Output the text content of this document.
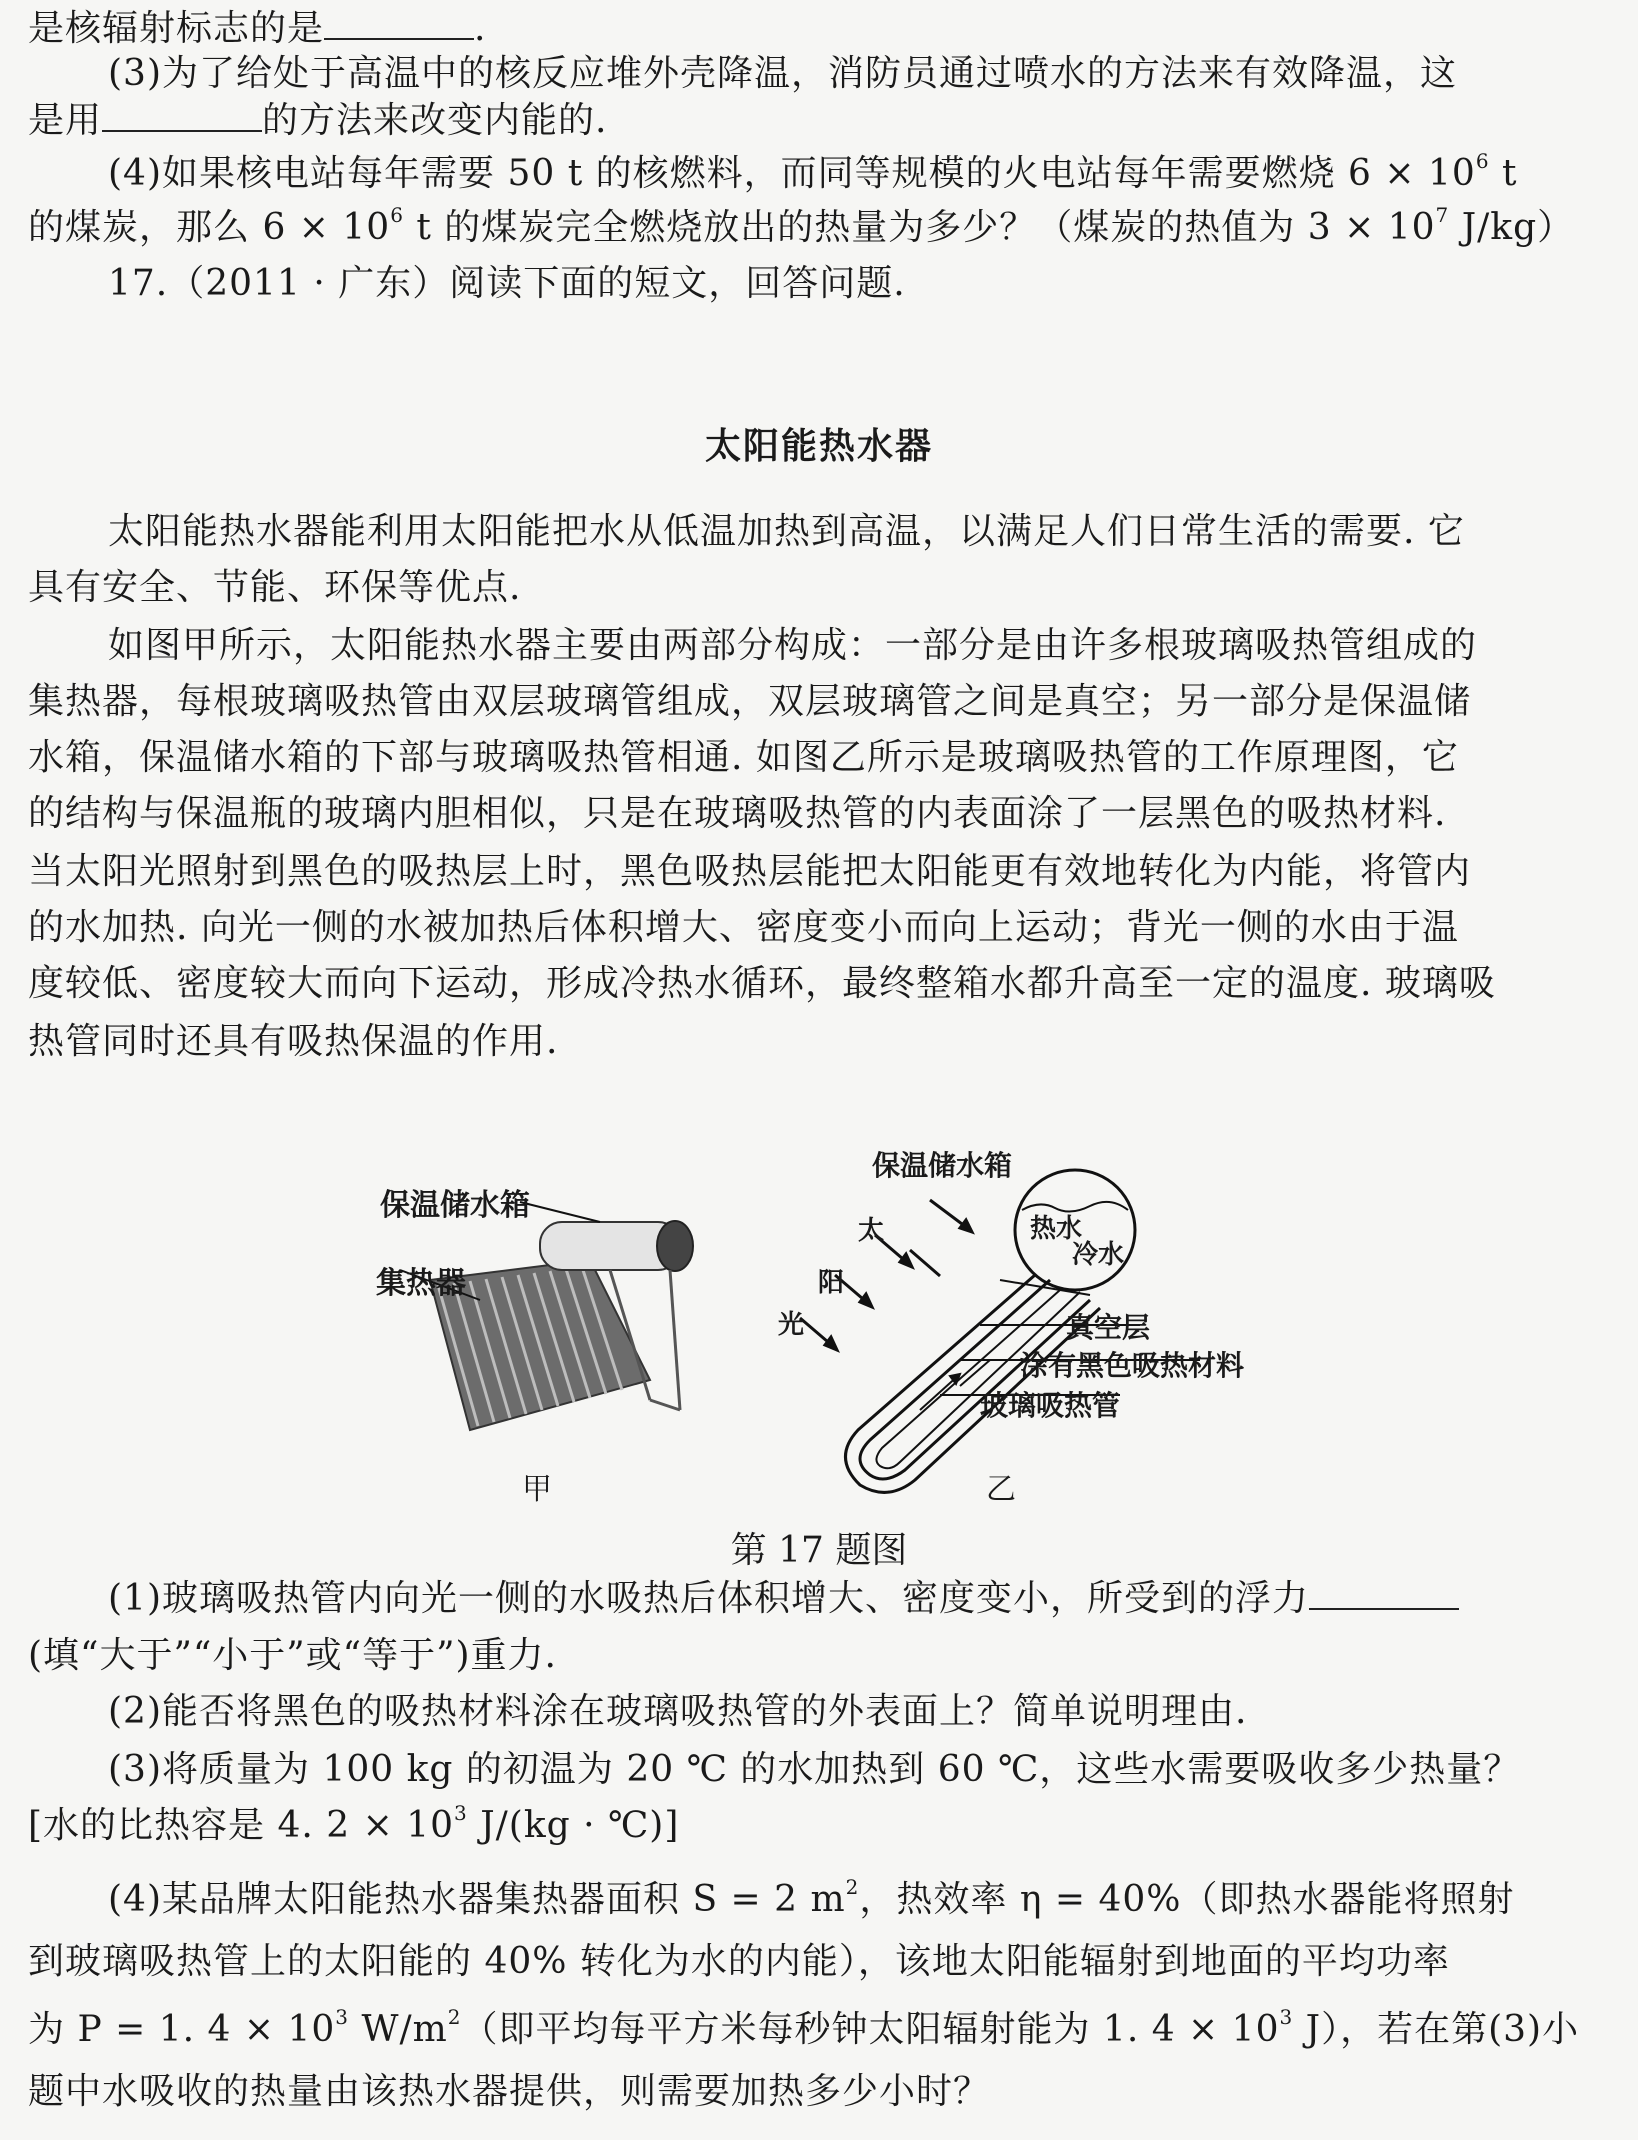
是核辐射标志的是	.
(3)为了给处于高温中的核反应堆外壳降温，消防员通过喷水的方法来有效降温，这
是用	的方法来改变内能的.
(4)如果核电站每年需要 50 t 的核燃料，而同等规模的火电站每年需要燃烧 $6 \times 10^6$ t
的煤炭，那么 $6 \times 10^6$ t 的煤炭完全燃烧放出的热量为多少？（煤炭的热值为 $3 \times 10^7$ J/kg）
17.（2011 · 广东）阅读下面的短文，回答问题.
太阳能热水器
太阳能热水器能利用太阳能把水从低温加热到高温，以满足人们日常生活的需要. 它
具有安全、节能、环保等优点.
如图甲所示，太阳能热水器主要由两部分构成：一部分是由许多根玻璃吸热管组成的
集热器，每根玻璃吸热管由双层玻璃管组成，双层玻璃管之间是真空；另一部分是保温储
水箱，保温储水箱的下部与玻璃吸热管相通. 如图乙所示是玻璃吸热管的工作原理图，它
的结构与保温瓶的玻璃内胆相似，只是在玻璃吸热管的内表面涂了一层黑色的吸热材料.
当太阳光照射到黑色的吸热层上时，黑色吸热层能把太阳能更有效地转化为内能，将管内
的水加热. 向光一侧的水被加热后体积增大、密度变小而向上运动；背光一侧的水由于温
度较低、密度较大而向下运动，形成冷热水循环，最终整箱水都升高至一定的温度. 玻璃吸
热管同时还具有吸热保温的作用.
保温储水箱
集热器
甲
保温储水箱
热水
冷水
太
阳
光	真空层
涂有黑色吸热材料
玻璃吸热管
乙
第 17 题图
(1)玻璃吸热管内向光一侧的水吸热后体积增大、密度变小，所受到的浮力
(填“大于”“小于”或“等于”)重力.
(2)能否将黑色的吸热材料涂在玻璃吸热管的外表面上？简单说明理由.
(3)将质量为 100 kg 的初温为 20 ℃ 的水加热到 60 ℃，这些水需要吸收多少热量？
[水的比热容是 4. $2 \times 10^3$ J/(kg · ℃)]
(4)某品牌太阳能热水器集热器面积 S = 2 $m^2$，热效率 η = 40%（即热水器能将照射
到玻璃吸热管上的太阳能的 40% 转化为水的内能），该地太阳能辐射到地面的平均功率
为 P = 1. $4 \times 10^3$ $W/m^2$（即平均每平方米每秒钟太阳辐射能为 1. $4 \times 10^3$ J），若在第(3)小
题中水吸收的热量由该热水器提供，则需要加热多少小时？
